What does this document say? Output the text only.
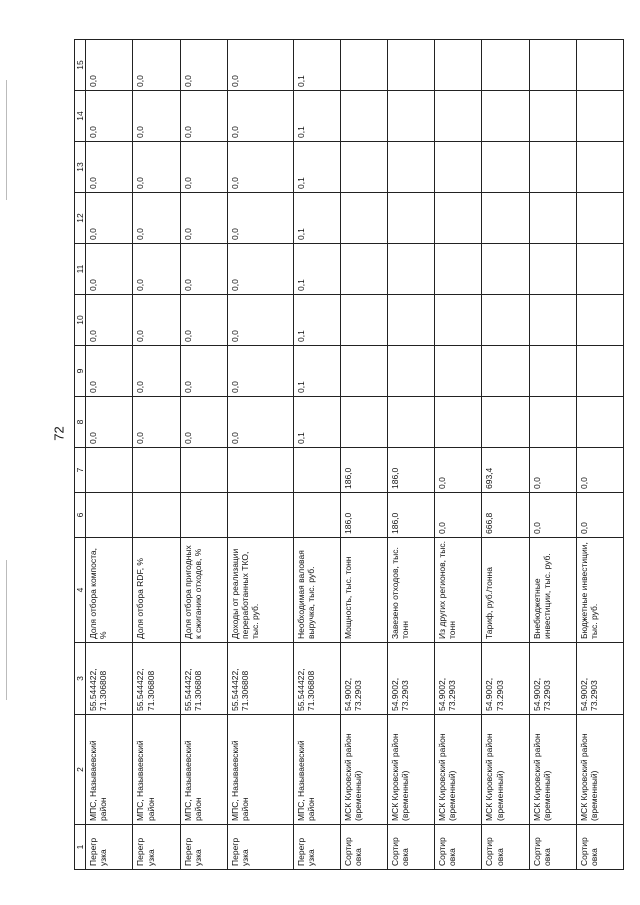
72
1	2	3	4	6	7	8	9	10	11	12	13	14	15
Перегр узка	МПС, Называевский район	55.544422, 71.306808	Доля отбора компоста, %			0,0	0,0	0,0	0,0	0,0	0,0	0,0	0,0
Перегр узка	МПС, Называевский район	55.544422, 71.306808	Доля отбора RDF, %			0,0	0,0	0,0	0,0	0,0	0,0	0,0	0,0
Перегр узка	МПС, Называевский район	55.544422, 71.306808	Доля отбора пригодных к сжиганию отходов, %			0,0	0,0	0,0	0,0	0,0	0,0	0,0	0,0
Перегр узка	МПС, Называевский район	55.544422, 71.306808	Доходы от реализации переработанных ТКО, тыс. руб.			0,0	0,0	0,0	0,0	0,0	0,0	0,0	0,0
Перегр узка	МПС, Называевский район	55.544422, 71.306808	Необходимая валовая выручка, тыс. руб.			0,1	0,1	0,1	0,1	0,1	0,1	0,1	0,1
Сортир овка	МСК Кировский район (временный)	54.9002, 73.2903	Мощность, тыс. тонн	186,0	186,0								
Сортир овка	МСК Кировский район (временный)	54.9002, 73.2903	Завезено отходов, тыс. тонн	186,0	186,0								
Сортир овка	МСК Кировский район (временный)	54.9002, 73.2903	Из других регионов, тыс. тонн	0,0	0,0								
Сортир овка	МСК Кировский район (временный)	54.9002, 73.2903	Тариф, руб./тонна	666,8	693,4								
Сортир овка	МСК Кировский район (временный)	54.9002, 73.2903	Внебюджетные инвестиции, тыс. руб.	0,0	0,0								
Сортир овка	МСК Кировский район (временный)	54.9002, 73.2903	Бюджетные инвестиции, тыс. руб.	0,0	0,0								
